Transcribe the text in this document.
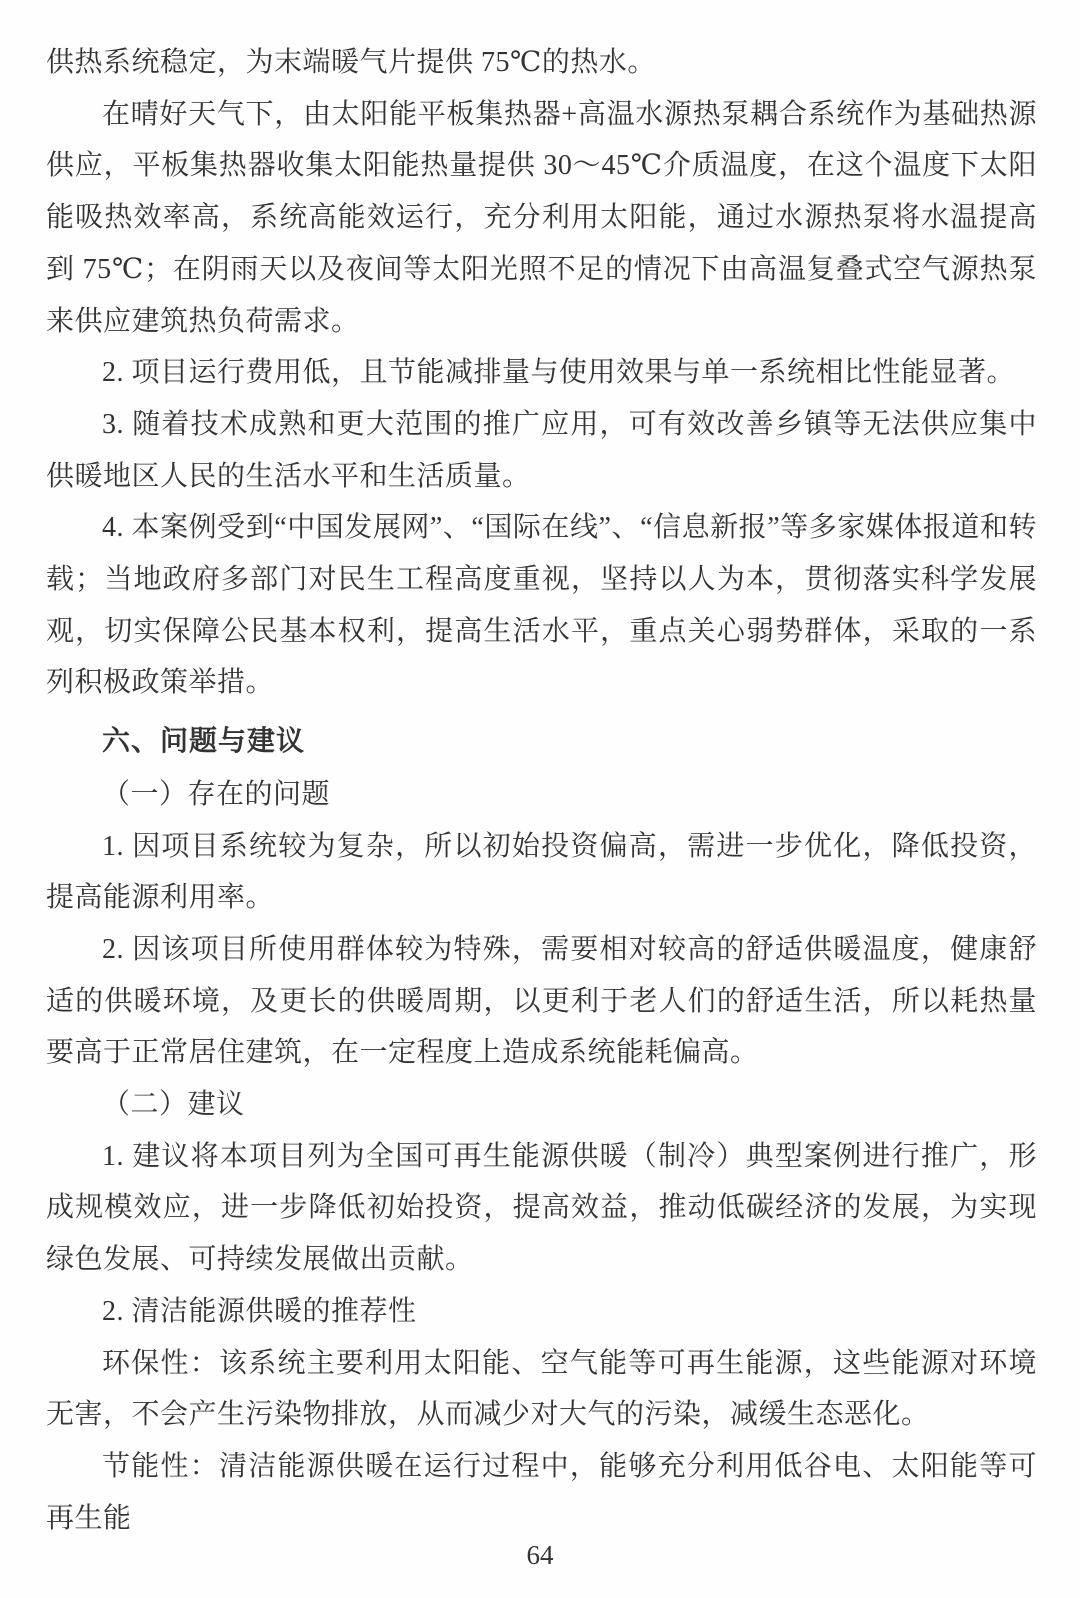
供热系统稳定，为末端暖气片提供 75℃的热水。

在晴好天气下，由太阳能平板集热器+高温水源热泵耦合系统作为基础热源供应，平板集热器收集太阳能热量提供 30～45℃介质温度，在这个温度下太阳能吸热效率高，系统高能效运行，充分利用太阳能，通过水源热泵将水温提高到 75℃；在阴雨天以及夜间等太阳光照不足的情况下由高温复叠式空气源热泵来供应建筑热负荷需求。

2. 项目运行费用低，且节能减排量与使用效果与单一系统相比性能显著。

3. 随着技术成熟和更大范围的推广应用，可有效改善乡镇等无法供应集中供暖地区人民的生活水平和生活质量。

4. 本案例受到“中国发展网”、“国际在线”、“信息新报”等多家媒体报道和转载；当地政府多部门对民生工程高度重视，坚持以人为本，贯彻落实科学发展观，切实保障公民基本权利，提高生活水平，重点关心弱势群体，采取的一系列积极政策举措。

六、问题与建议

（一）存在的问题

1. 因项目系统较为复杂，所以初始投资偏高，需进一步优化，降低投资，提高能源利用率。

2. 因该项目所使用群体较为特殊，需要相对较高的舒适供暖温度，健康舒适的供暖环境，及更长的供暖周期，以更利于老人们的舒适生活，所以耗热量要高于正常居住建筑，在一定程度上造成系统能耗偏高。

（二）建议

1. 建议将本项目列为全国可再生能源供暖（制冷）典型案例进行推广，形成规模效应，进一步降低初始投资，提高效益，推动低碳经济的发展，为实现绿色发展、可持续发展做出贡献。

2. 清洁能源供暖的推荐性

环保性：该系统主要利用太阳能、空气能等可再生能源，这些能源对环境无害，不会产生污染物排放，从而减少对大气的污染，减缓生态恶化。

节能性：清洁能源供暖在运行过程中，能够充分利用低谷电、太阳能等可再生能

64
